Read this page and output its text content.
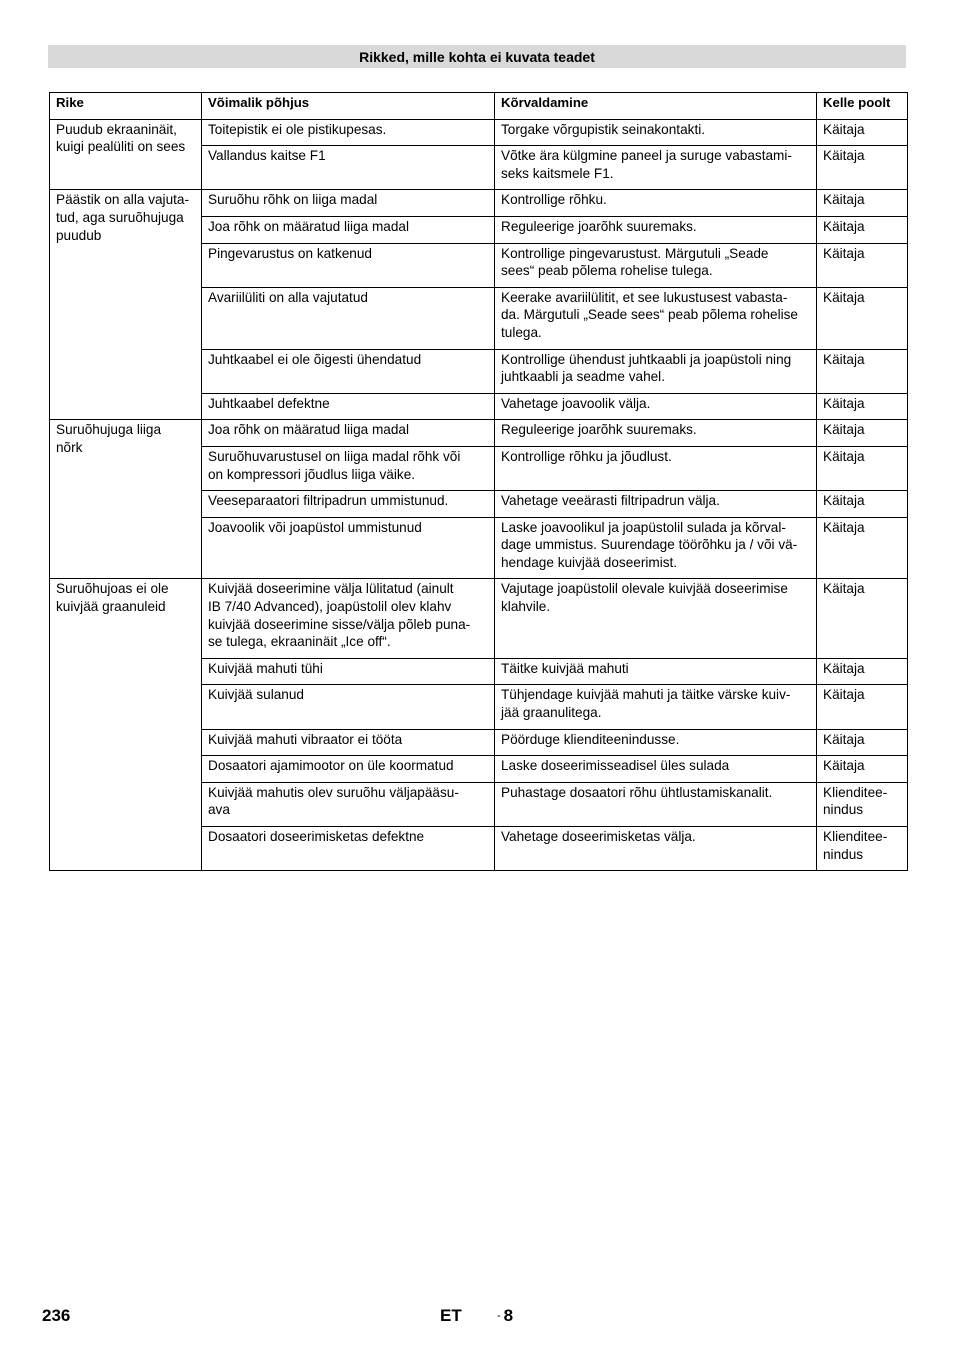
Rikked, mille kohta ei kuvata teadet
Rike	Võimalik põhjus	Kõrvaldamine	Kelle poolt
Puudub ekraaninäit,
kuigi pealüliti on sees	Toitepistik ei ole pistikupesas.	Torgake võrgupistik seinakontakti.	Käitaja
	Vallandus kaitse F1	Võtke ära külgmine paneel ja suruge vabastami-
seks kaitsmele F1.	Käitaja
Päästik on alla vajuta-
tud, aga suruõhujuga
puudub	Suruõhu rõhk on liiga madal	Kontrollige rõhku.	Käitaja
	Joa rõhk on määratud liiga madal	Reguleerige joarõhk suuremaks.	Käitaja
	Pingevarustus on katkenud	Kontrollige pingevarustust. Märgutuli „Seade
sees“ peab põlema rohelise tulega.	Käitaja
	Avariilüliti on alla vajutatud	Keerake avariilülitit, et see lukustusest vabasta-
da. Märgutuli „Seade sees“ peab põlema rohelise
tulega.	Käitaja
	Juhtkaabel ei ole õigesti ühendatud	Kontrollige ühendust juhtkaabli ja joapüstoli ning
juhtkaabli ja seadme vahel.	Käitaja
	Juhtkaabel defektne	Vahetage joavoolik välja.	Käitaja
Suruõhujuga liiga
nõrk	Joa rõhk on määratud liiga madal	Reguleerige joarõhk suuremaks.	Käitaja
	Suruõhuvarustusel on liiga madal rõhk või
on kompressori jõudlus liiga väike.	Kontrollige rõhku ja jõudlust.	Käitaja
	Veeseparaatori filtripadrun ummistunud.	Vahetage veeärasti filtripadrun välja.	Käitaja
	Joavoolik või joapüstol ummistunud	Laske joavoolikul ja joapüstolil sulada ja kõrval-
dage ummistus. Suurendage töörõhku ja / või vä-
hendage kuivjää doseerimist.	Käitaja
Suruõhujoas ei ole
kuivjää graanuleid	Kuivjää doseerimine välja lülitatud (ainult
IB 7/40 Advanced), joapüstolil olev klahv
kuivjää doseerimine sisse/välja põleb puna-
se tulega, ekraaninäit „Ice off“.	Vajutage joapüstolil olevale kuivjää doseerimise
klahvile.	Käitaja
	Kuivjää mahuti tühi	Täitke kuivjää mahuti	Käitaja
	Kuivjää sulanud	Tühjendage kuivjää mahuti ja täitke värske kuiv-
jää graanulitega.	Käitaja
	Kuivjää mahuti vibraator ei tööta	Pöörduge klienditeenindusse.	Käitaja
	Dosaatori ajamimootor on üle koormatud	Laske doseerimisseadisel üles sulada	Käitaja
	Kuivjää mahutis olev suruõhu väljapääsu-
ava	Puhastage dosaatori rõhu ühtlustamiskanalit.	Klienditee-
nindus
	Dosaatori doseerimisketas defektne	Vahetage doseerimisketas välja.	Klienditee-
nindus
236	ET	- 8
